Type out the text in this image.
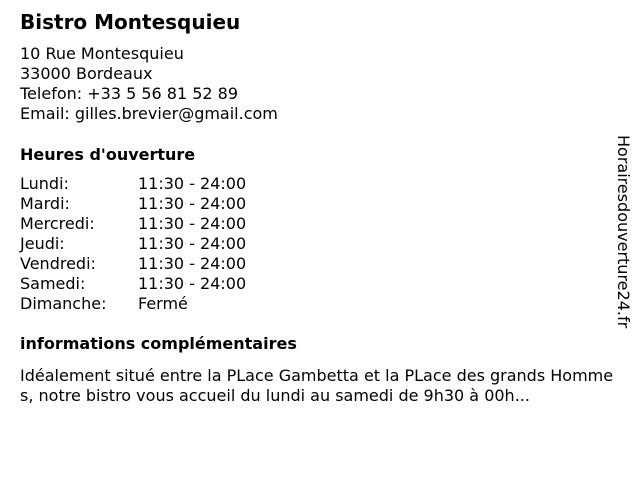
Bistro Montesquieu
10 Rue Montesquieu
33000 Bordeaux
Telefon: +33 5 56 81 52 89
Email: gilles.brevier@gmail.com
Heures d'ouverture
Lundi:	11:30 - 24:00
Mardi:	11:30 - 24:00
Mercredi:	11:30 - 24:00
Jeudi:	11:30 - 24:00
Vendredi:	11:30 - 24:00
Samedi:	11:30 - 24:00
Dimanche:	Fermé
informations complémentaires
Idéalement situé entre la PLace Gambetta et la PLace des grands Hommes, notre bistro vous accueil du lundi au samedi de 9h30 à 00h...
Horairesdouverture24.fr
